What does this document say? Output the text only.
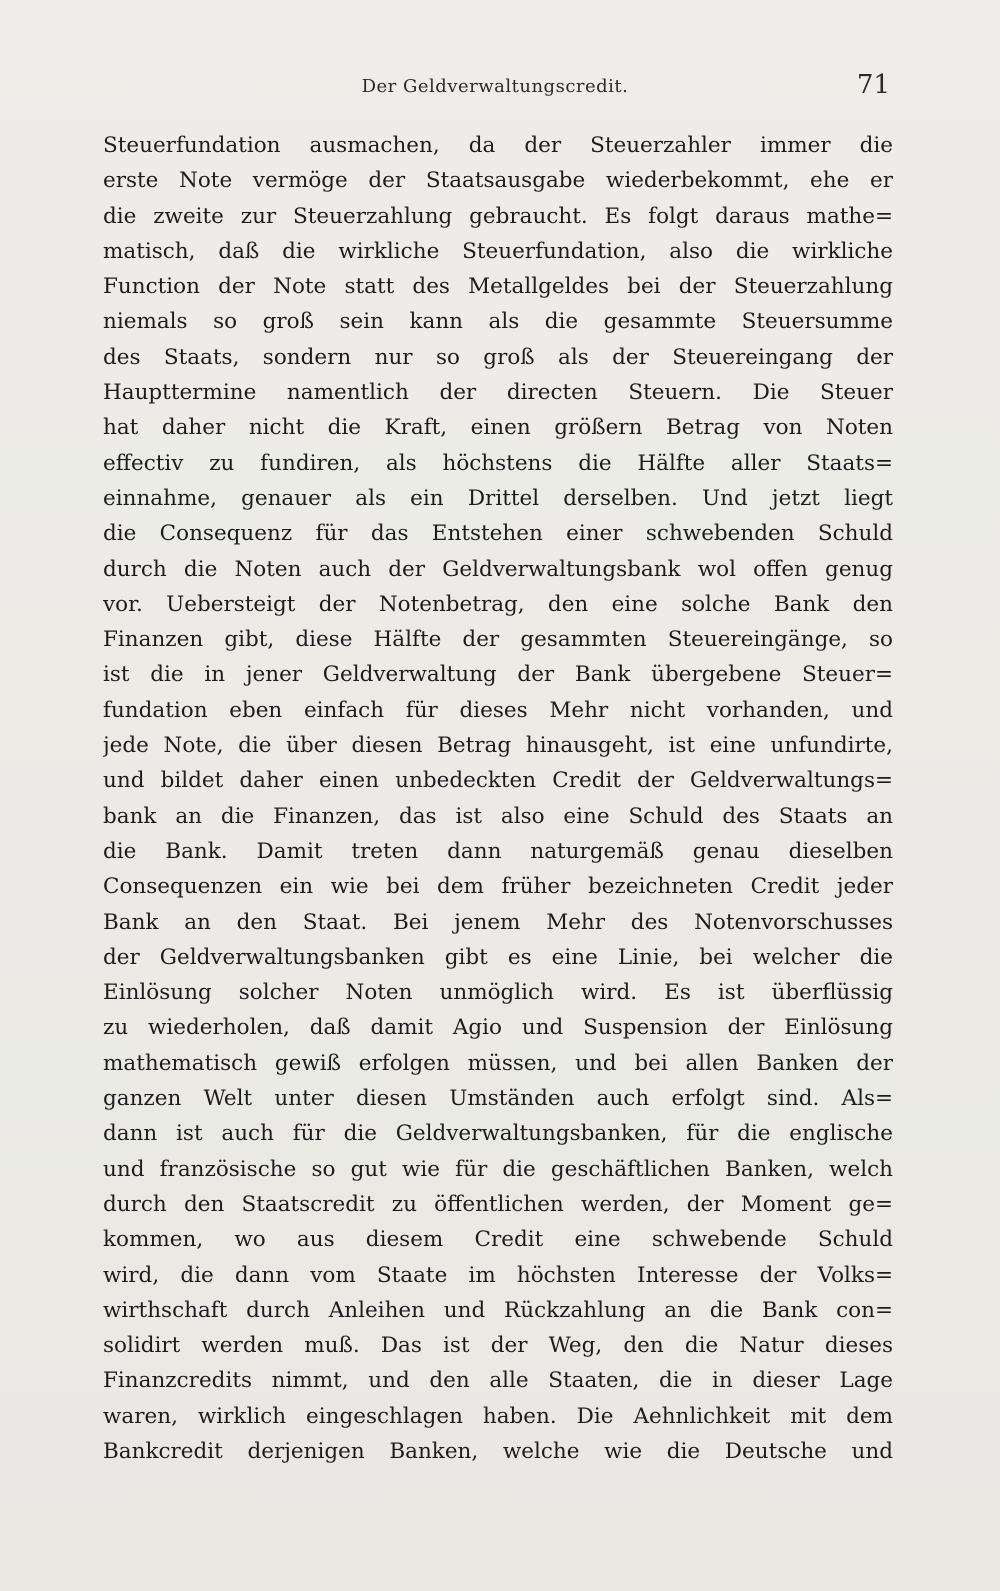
Der Geldverwaltungscredit.	71
Steuerfundation ausmachen, da der Steuerzahler immer die
erste Note vermöge der Staatsausgabe wiederbekommt, ehe er
die zweite zur Steuerzahlung gebraucht. Es folgt daraus mathe=
matisch, daß die wirkliche Steuerfundation, also die wirkliche
Function der Note statt des Metallgeldes bei der Steuerzahlung
niemals so groß sein kann als die gesammte Steuersumme
des Staats, sondern nur so groß als der Steuereingang der
Haupttermine namentlich der directen Steuern. Die Steuer
hat daher nicht die Kraft, einen größern Betrag von Noten
effectiv zu fundiren, als höchstens die Hälfte aller Staats=
einnahme, genauer als ein Drittel derselben. Und jetzt liegt
die Consequenz für das Entstehen einer schwebenden Schuld
durch die Noten auch der Geldverwaltungsbank wol offen genug
vor. Uebersteigt der Notenbetrag, den eine solche Bank den
Finanzen gibt, diese Hälfte der gesammten Steuereingänge, so
ist die in jener Geldverwaltung der Bank übergebene Steuer=
fundation eben einfach für dieses Mehr nicht vorhanden, und
jede Note, die über diesen Betrag hinausgeht, ist eine unfundirte,
und bildet daher einen unbedeckten Credit der Geldverwaltungs=
bank an die Finanzen, das ist also eine Schuld des Staats an
die Bank. Damit treten dann naturgemäß genau dieselben
Consequenzen ein wie bei dem früher bezeichneten Credit jeder
Bank an den Staat. Bei jenem Mehr des Notenvorschusses
der Geldverwaltungsbanken gibt es eine Linie, bei welcher die
Einlösung solcher Noten unmöglich wird. Es ist überflüssig
zu wiederholen, daß damit Agio und Suspension der Einlösung
mathematisch gewiß erfolgen müssen, und bei allen Banken der
ganzen Welt unter diesen Umständen auch erfolgt sind. Als=
dann ist auch für die Geldverwaltungsbanken, für die englische
und französische so gut wie für die geschäftlichen Banken, welch
durch den Staatscredit zu öffentlichen werden, der Moment ge=
kommen, wo aus diesem Credit eine schwebende Schuld
wird, die dann vom Staate im höchsten Interesse der Volks=
wirthschaft durch Anleihen und Rückzahlung an die Bank con=
solidirt werden muß. Das ist der Weg, den die Natur dieses
Finanzcredits nimmt, und den alle Staaten, die in dieser Lage
waren, wirklich eingeschlagen haben. Die Aehnlichkeit mit dem
Bankcredit derjenigen Banken, welche wie die Deutsche und
